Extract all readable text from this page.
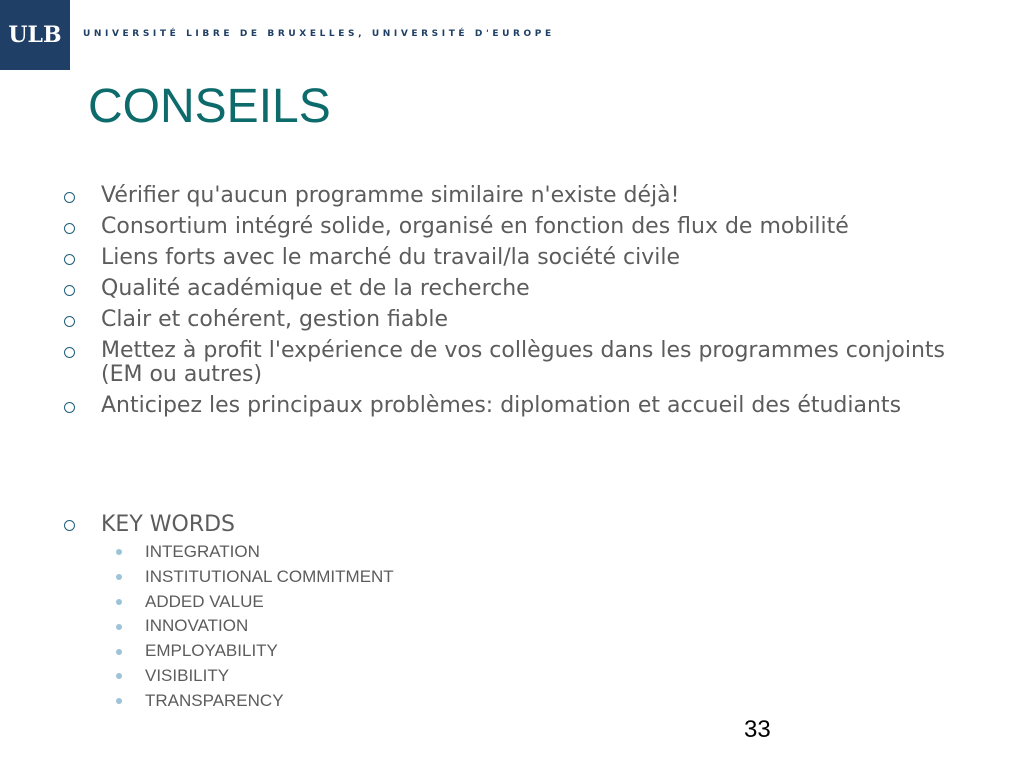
ULB UNIVERSITÉ LIBRE DE BRUXELLES, UNIVERSITÉ D'EUROPE
CONSEILS
Vérifier qu'aucun programme similaire n'existe déjà!
Consortium intégré solide, organisé en fonction des flux de mobilité
Liens forts avec le marché du travail/la société civile
Qualité académique et de la recherche
Clair et cohérent, gestion fiable
Mettez à profit l'expérience de vos collègues dans les programmes conjoints (EM ou autres)
Anticipez les principaux problèmes: diplomation et accueil des étudiants
KEY WORDS
INTEGRATION
INSTITUTIONAL COMMITMENT
ADDED VALUE
INNOVATION
EMPLOYABILITY
VISIBILITY
TRANSPARENCY
33
